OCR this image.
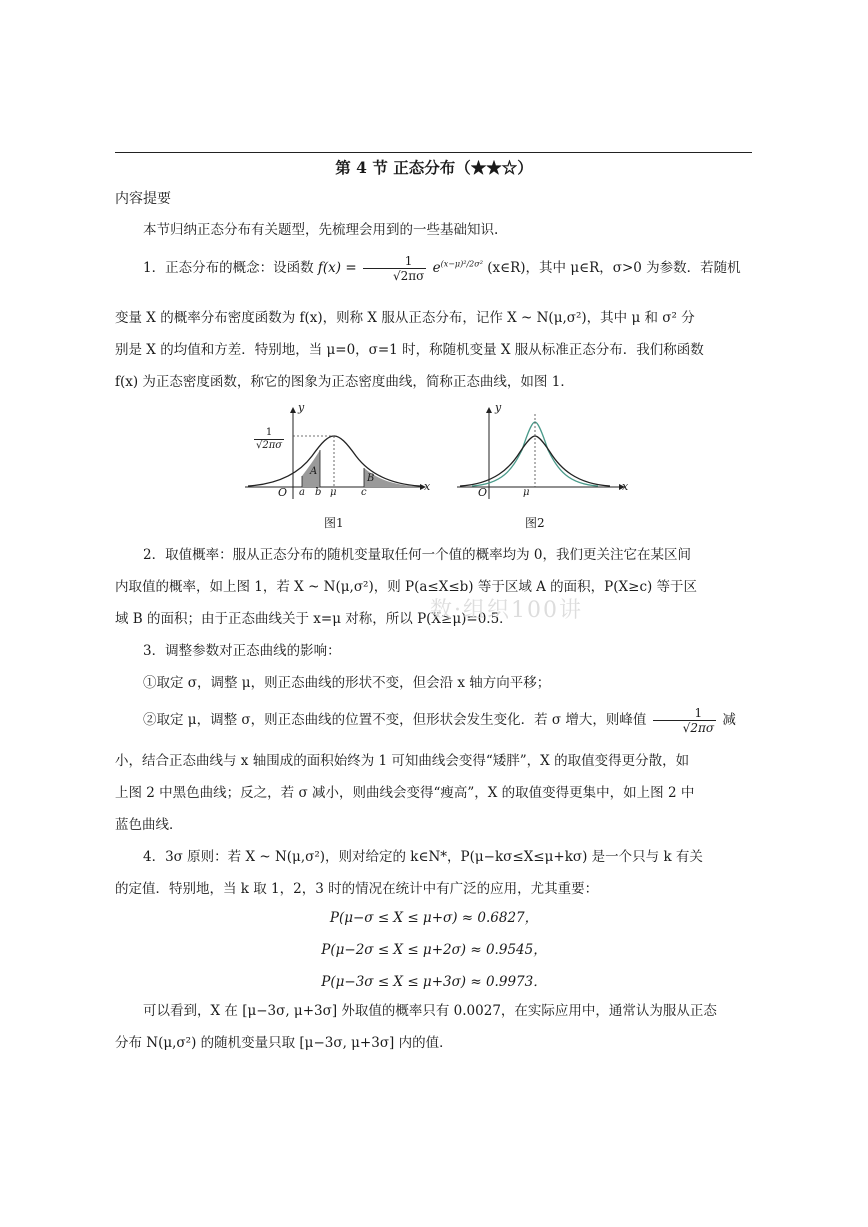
第 4 节 正态分布（★★☆）
内容提要
本节归纳正态分布有关题型，先梳理会用到的一些基础知识.
1．正态分布的概念：设函数 $f(x) = \frac{1}{√2\pi\sigma} e^{(x-\mu)^2/2\sigma^2}$ (x∈R)，其中 μ∈R，σ>0 为参数．若随机
变量 X 的概率分布密度函数为 f(x)，则称 X 服从正态分布，记作 X ~ N(μ,σ²)，其中 μ 和 σ² 分
别是 X 的均值和方差．特别地，当 μ=0，σ=1 时，称随机变量 X 服从标准正态分布．我们称函数
f(x) 为正态密度函数，称它的图象为正态密度曲线，简称正态曲线，如图 1．
y
x
O
$\frac{1}{√2\pi\sigma}$
a b μ c
A
B
图1
y
x
O	μ
图2
2．取值概率：服从正态分布的随机变量取任何一个值的概率均为 0，我们更关注它在某区间
内取值的概率，如上图 1，若 X ~ N(μ,σ²)，则 P(a≤X≤b) 等于区域 A 的面积，P(X≥c) 等于区
域 B 的面积；由于正态曲线关于 x=μ 对称，所以 P(X≥μ)=0.5．
数·组织100讲
3．调整参数对正态曲线的影响：
①取定 σ，调整 μ，则正态曲线的形状不变，但会沿 x 轴方向平移；
②取定 μ，调整 σ，则正态曲线的位置不变，但形状会发生变化．若 σ 增大，则峰值 $\frac{1}{√2\pi\sigma}$ 减
小，结合正态曲线与 x 轴围成的面积始终为 1 可知曲线会变得“矮胖”，X 的取值变得更分散，如
上图 2 中黑色曲线；反之，若 σ 减小，则曲线会变得“瘦高”，X 的取值变得更集中，如上图 2 中
蓝色曲线．
4．3σ 原则：若 X ~ N(μ,σ²)，则对给定的 k∈N*，P(μ−kσ≤X≤μ+kσ) 是一个只与 k 有关
的定值．特别地，当 k 取 1，2，3 时的情况在统计中有广泛的应用，尤其重要：
P(μ−σ ≤ X ≤ μ+σ) ≈ 0.6827，
P(μ−2σ ≤ X ≤ μ+2σ) ≈ 0.9545，
P(μ−3σ ≤ X ≤ μ+3σ) ≈ 0.9973．
可以看到，X 在 [μ−3σ, μ+3σ] 外取值的概率只有 0.0027，在实际应用中，通常认为服从正态
分布 N(μ,σ²) 的随机变量只取 [μ−3σ, μ+3σ] 内的值．
